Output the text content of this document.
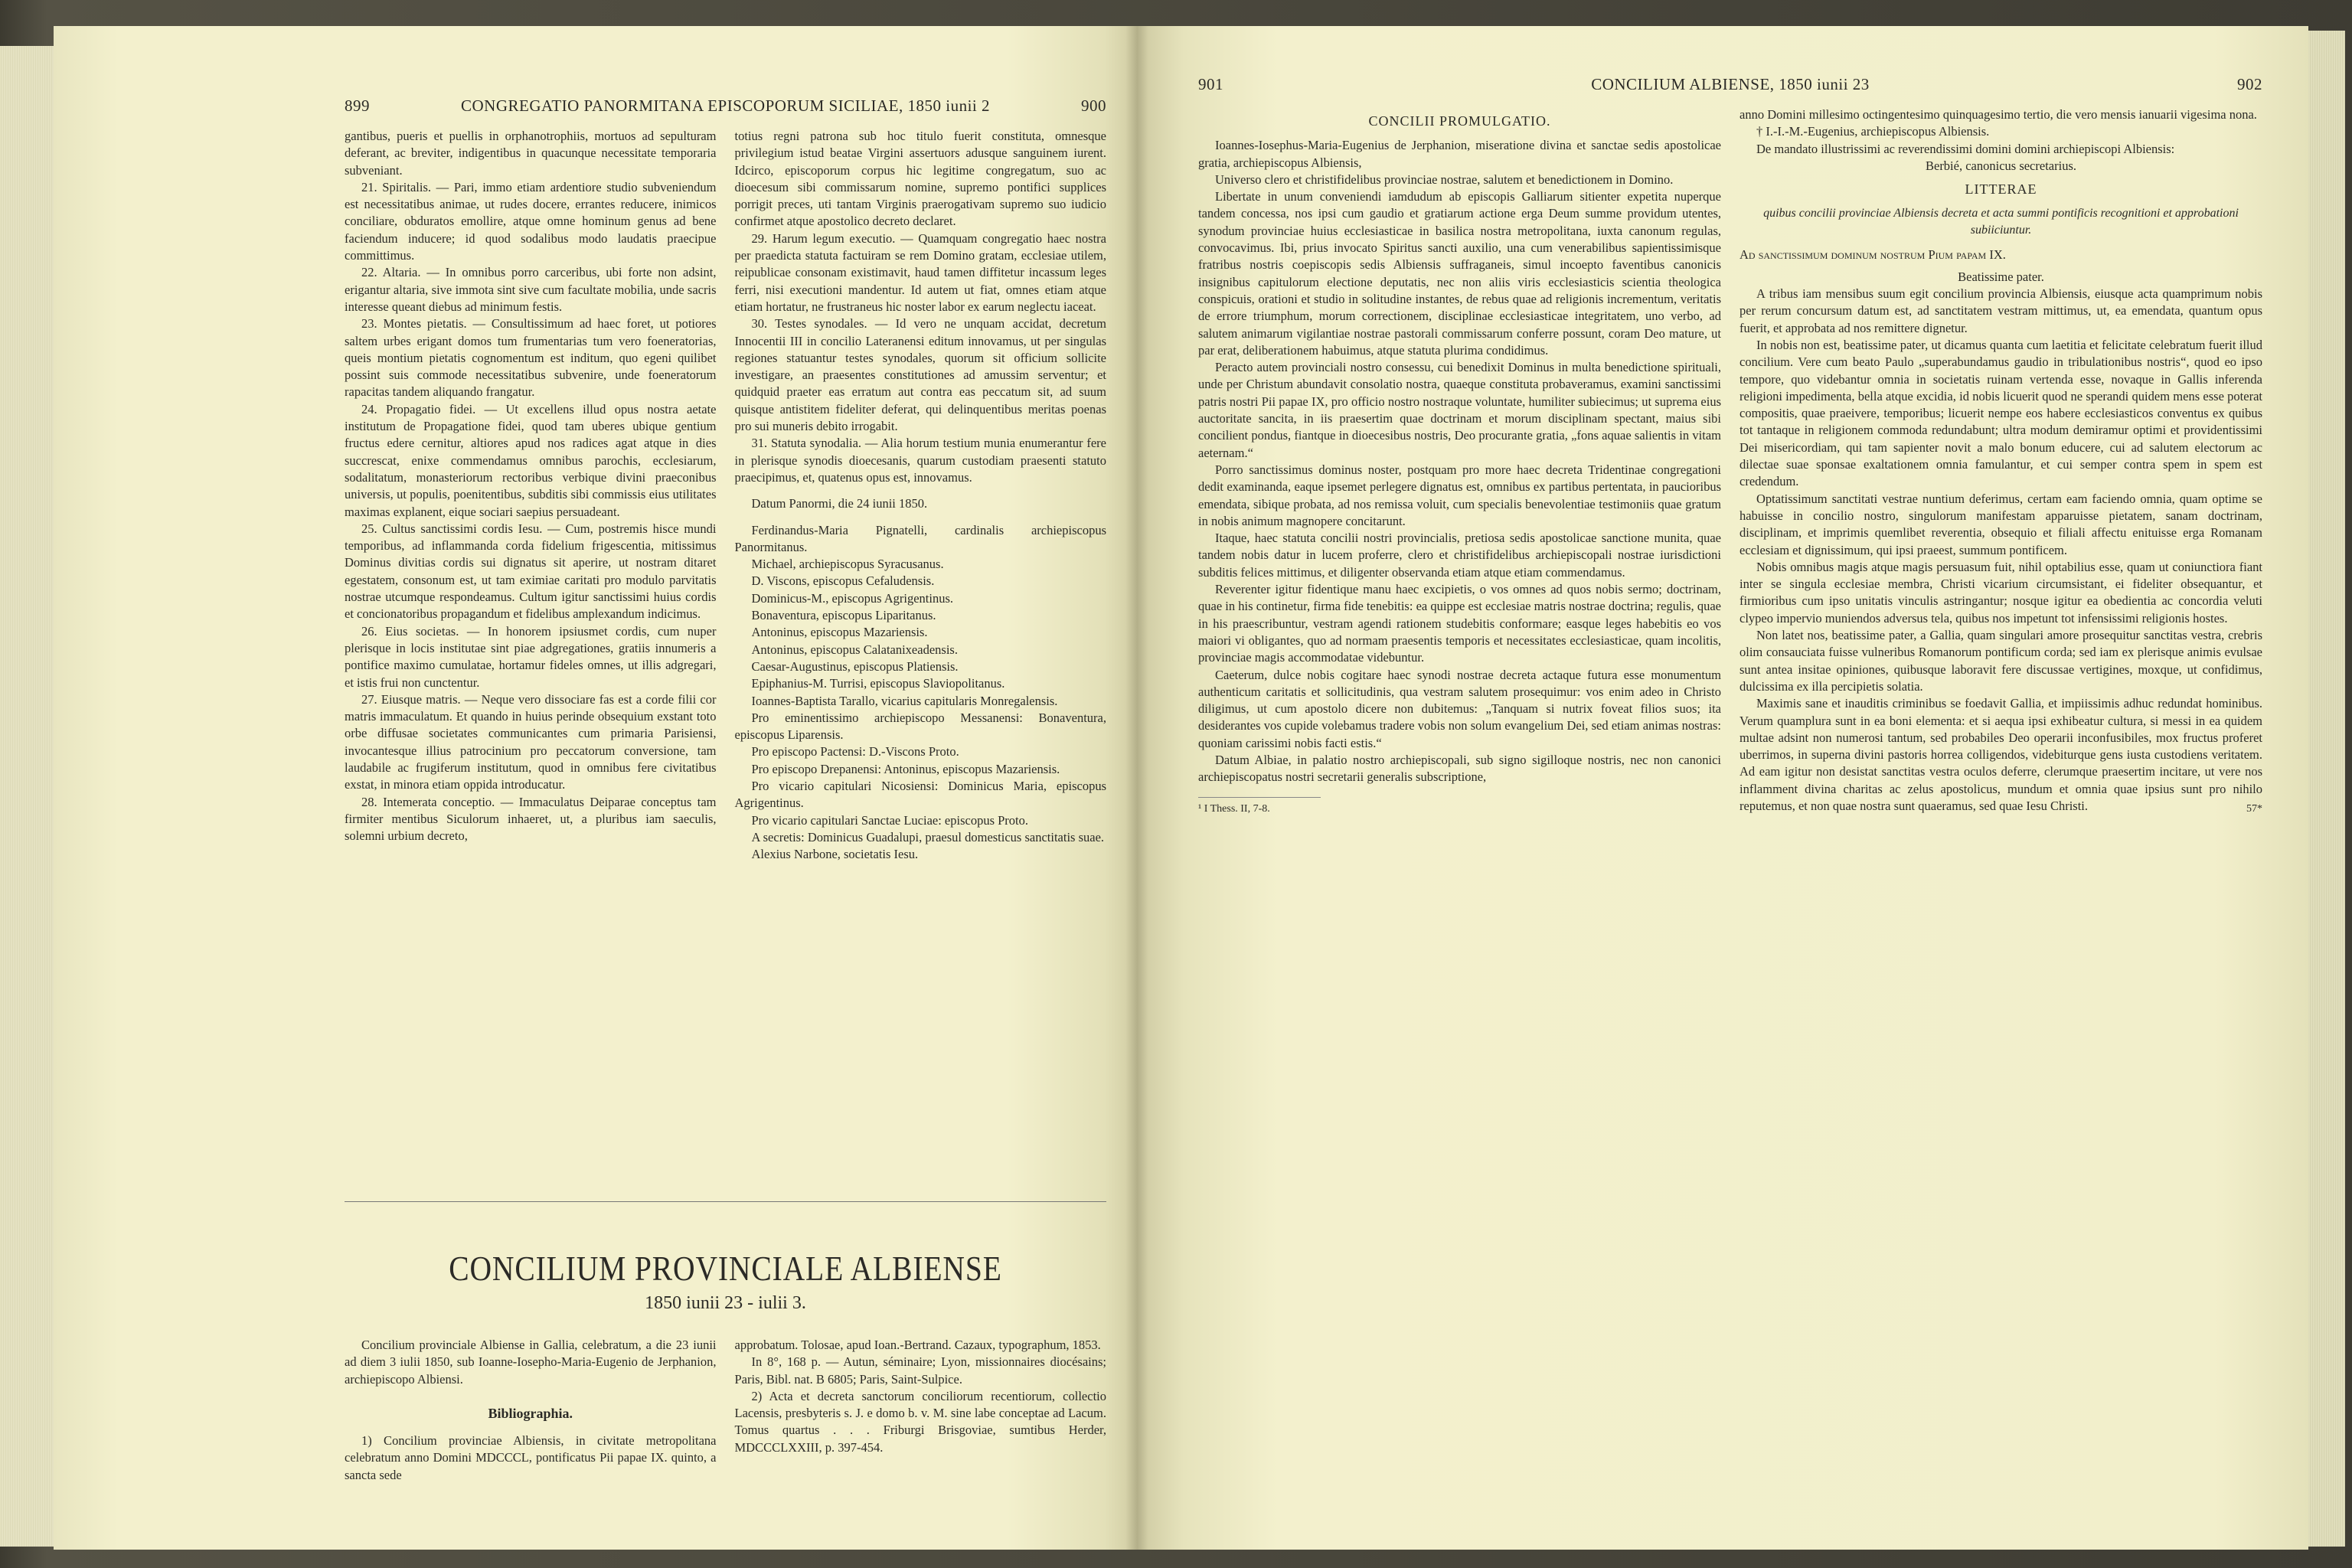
899	CONGREGATIO PANORMITANA EPISCOPORUM SICILIAE, 1850 iunii 2	900

gantibus, pueris et puellis in orphanotrophiis, mortuos ad sepulturam deferant, ac breviter, indigentibus in quacunque necessitate temporaria subveniant.

21. Spiritalis. — Pari, immo etiam ardentiore studio subveniendum est necessitatibus animae, ut rudes docere, errantes reducere, inimicos conciliare, obduratos emollire, atque omne hominum genus ad bene faciendum inducere; id quod sodalibus modo laudatis praecipue committimus.

22. Altaria. — In omnibus porro carceribus, ubi forte non adsint, erigantur altaria, sive immota sint sive cum facultate mobilia, unde sacris interesse queant diebus ad minimum festis.

23. Montes pietatis. — Consultissimum ad haec foret, ut potiores saltem urbes erigant domos tum frumentarias tum vero foeneratorias, queis montium pietatis cognomentum est inditum, quo egeni quilibet possint suis commode necessitatibus subvenire, unde foeneratorum rapacitas tandem aliquando frangatur.

24. Propagatio fidei. — Ut excellens illud opus nostra aetate institutum de Propagatione fidei, quod tam uberes ubique gentium fructus edere cernitur, altiores apud nos radices agat atque in dies succrescat, enixe commendamus omnibus parochis, ecclesiarum, sodalitatum, monasteriorum rectoribus verbique divini praeconibus universis, ut populis, poenitentibus, subditis sibi commissis eius utilitates maximas explanent, eique sociari saepius persuadeant.

25. Cultus sanctissimi cordis Iesu. — Cum, postremis hisce mundi temporibus, ad inflammanda corda fidelium frigescentia, mitissimus Dominus divitias cordis sui dignatus sit aperire, ut nostram ditaret egestatem, consonum est, ut tam eximiae caritati pro modulo parvitatis nostrae utcumque respondeamus. Cultum igitur sanctissimi huius cordis et concionatoribus propagandum et fidelibus amplexandum indicimus.

26. Eius societas. — In honorem ipsiusmet cordis, cum nuper plerisque in locis institutae sint piae adgregationes, gratiis innumeris a pontifice maximo cumulatae, hortamur fideles omnes, ut illis adgregari, et istis frui non cunctentur.

27. Eiusque matris. — Neque vero dissociare fas est a corde filii cor matris immaculatum. Et quando in huius perinde obsequium exstant toto orbe diffusae societates communicantes cum primaria Parisiensi, invocantesque illius patrocinium pro peccatorum conversione, tam laudabile ac frugiferum institutum, quod in omnibus fere civitatibus exstat, in minora etiam oppida introducatur.

28. Intemerata conceptio. — Immaculatus Deiparae conceptus tam firmiter mentibus Siculorum inhaeret, ut, a pluribus iam saeculis, solemni urbium decreto,

totius regni patrona sub hoc titulo fuerit constituta, omnesque privilegium istud beatae Virgini assertuors adusque sanguinem iurent. Idcirco, episcoporum corpus hic legitime congregatum, suo ac dioecesum sibi commissarum nomine, supremo pontifici supplices porrigit preces, uti tantam Virginis praerogativam supremo suo iudicio confirmet atque apostolico decreto declaret.

29. Harum legum executio. — Quamquam congregatio haec nostra per praedicta statuta factuiram se rem Domino gratam, ecclesiae utilem, reipublicae consonam existimavit, haud tamen diffitetur incassum leges ferri, nisi executioni mandentur. Id autem ut fiat, omnes etiam atque etiam hortatur, ne frustraneus hic noster labor ex earum neglectu iaceat.

30. Testes synodales. — Id vero ne unquam accidat, decretum Innocentii III in concilio Lateranensi editum innovamus, ut per singulas regiones statuantur testes synodales, quorum sit officium sollicite investigare, an praesentes constitutiones ad amussim serventur; et quidquid praeter eas erratum aut contra eas peccatum sit, ad suum quisque antistitem fideliter deferat, qui delinquentibus meritas poenas pro sui muneris debito irrogabit.

31. Statuta synodalia. — Alia horum testium munia enumerantur fere in plerisque synodis dioecesanis, quarum custodiam praesenti statuto praecipimus, et, quatenus opus est, innovamus.

Datum Panormi, die 24 iunii 1850.

Ferdinandus-Maria Pignatelli, cardinalis archiepiscopus Panormitanus.

Michael, archiepiscopus Syracusanus.

D. Viscons, episcopus Cefaludensis.

Dominicus-M., episcopus Agrigentinus.

Bonaventura, episcopus Liparitanus.

Antoninus, episcopus Mazariensis.

Antoninus, episcopus Calatanixeadensis.

Caesar-Augustinus, episcopus Platiensis.

Epiphanius-M. Turrisi, episcopus Slaviopolitanus.

Ioannes-Baptista Tarallo, vicarius capitularis Monregalensis.

Pro eminentissimo archiepiscopo Messanensi: Bonaventura, episcopus Liparensis.

Pro episcopo Pactensi: D.-Viscons Proto.

Pro episcopo Drepanensi: Antoninus, episcopus Mazariensis.

Pro vicario capitulari Nicosiensi: Dominicus Maria, episcopus Agrigentinus.

Pro vicario capitulari Sanctae Luciae: episcopus Proto.

A secretis: Dominicus Guadalupi, praesul domesticus sanctitatis suae.

Alexius Narbone, societatis Iesu.

CONCILIUM PROVINCIALE ALBIENSE
1850 iunii 23 - iulii 3.

Concilium provinciale Albiense in Gallia, celebratum, a die 23 iunii ad diem 3 iulii 1850, sub Ioanne-Iosepho-Maria-Eugenio de Jerphanion, archiepiscopo Albiensi.

Bibliographia.

1) Concilium provinciae Albiensis, in civitate metropolitana celebratum anno Domini MDCCCL, pontificatus Pii papae IX. quinto, a sancta sede

approbatum. Tolosae, apud Ioan.-Bertrand. Cazaux, typographum, 1853.

In 8°, 168 p. — Autun, séminaire; Lyon, missionnaires diocésains; Paris, Bibl. nat. B 6805; Paris, Saint-Sulpice.

2) Acta et decreta sanctorum conciliorum recentiorum, collectio Lacensis, presbyteris s. J. e domo b. v. M. sine labe conceptae ad Lacum. Tomus quartus . . . Friburgi Brisgoviae, sumtibus Herder, MDCCCLXXIII, p. 397-454.

901	CONCILIUM ALBIENSE, 1850 iunii 23	902
CONCILII PROMULGATIO.

Ioannes-Iosephus-Maria-Eugenius de Jerphanion, miseratione divina et sanctae sedis apostolicae gratia, archiepiscopus Albiensis,

Universo clero et christifidelibus provinciae nostrae, salutem et benedictionem in Domino.

Libertate in unum conveniendi iamdudum ab episcopis Galliarum sitienter expetita nuperque tandem concessa, nos ipsi cum gaudio et gratiarum actione erga Deum summe providum utentes, synodum provinciae huius ecclesiasticae in basilica nostra metropolitana, iuxta canonum regulas, convocavimus. Ibi, prius invocato Spiritus sancti auxilio, una cum venerabilibus sapientissimisque fratribus nostris coepiscopis sedis Albiensis suffraganeis, simul incoepto faventibus canonicis insignibus capitulorum electione deputatis, nec non aliis viris ecclesiasticis scientia theologica conspicuis, orationi et studio in solitudine instantes, de rebus quae ad religionis incrementum, veritatis de errore triumphum, morum correctionem, disciplinae ecclesiasticae integritatem, uno verbo, ad salutem animarum vigilantiae nostrae pastorali commissarum conferre possunt, coram Deo mature, ut par erat, deliberationem habuimus, atque statuta plurima condidimus.

Peracto autem provinciali nostro consessu, cui benedixit Dominus in multa benedictione spirituali, unde per Christum abundavit consolatio nostra, quaeque constituta probaveramus, examini sanctissimi patris nostri Pii papae IX, pro officio nostro nostraque voluntate, humiliter subiecimus; ut supremа eius auctoritate sancita, in iis praesertim quae doctrinam et morum disciplinam spectant, maius sibi concilient pondus, fiantque in dioecesibus nostris, Deo procurante gratia, „fons aquae salientis in vitam aeternam.“

Porro sanctissimus dominus noster, postquam pro more haec decreta Tridentinae congregationi dedit examinanda, eaque ipsemet perlegere dignatus est, omnibus ex partibus pertentata, in paucioribus emendata, sibique probata, ad nos remissa voluit, cum specialis benevolentiae testimoniis quae gratum in nobis animum magnopere concitarunt.

Itaque, haec statuta concilii nostri provincialis, pretiosa sedis apostolicae sanctione munita, quae tandem nobis datur in lucem proferre, clero et christifidelibus archiepiscopali nostrae iurisdictioni subditis felices mittimus, et diligenter observanda etiam atque etiam commendamus.

Reverenter igitur fidentique manu haec excipietis, o vos omnes ad quos nobis sermo; doctrinam, quae in his continetur, firma fide tenebitis: ea quippe est ecclesiae matris nostrae doctrina; regulis, quae in his praescribuntur, vestram agendi rationem studebitis conformare; easque leges habebitis eo vos maiori vi obligantes, quo ad normam praesentis temporis et necessitates ecclesiasticae, quam incolitis, provinciae magis accommodatae videbuntur.

Caeterum, dulce nobis cogitare haec synodi nostrae decreta actaque futura esse monumentum authenticum caritatis et sollicitudinis, qua vestram salutem prosequimur: vos enim adeo in Christo diligimus, ut cum apostolo dicere non dubitemus: „Tanquam si nutrix foveat filios suos; ita desiderantes vos cupide volebamus tradere vobis non solum evangelium Dei, sed etiam animas nostras: quoniam carissimi nobis facti estis.“

Datum Albiae, in palatio nostro archiepiscopali, sub signo sigilloque nostris, nec non canonici archiepiscopatus nostri secretarii generalis subscriptione,

¹ I Thess. II, 7-8.

anno Domini millesimo octingentesimo quinquagesimo tertio, die vero mensis ianuarii vigesima nona.

† I.-I.-M.-Eugenius, archiepiscopus Albiensis.

De mandato illustrissimi ac reverendissimi domini domini archiepiscopi Albiensis:

Berbié, canonicus secretarius.

LITTERAE
quibus concilii provinciae Albiensis decreta et acta summi pontificis recognitioni et approbationi subiiciuntur.

Ad sanctissimum dominum nostrum Pium papam IX.

Beatissime pater.

A tribus iam mensibus suum egit concilium provincia Albiensis, eiusque acta quamprimum nobis per rerum concursum datum est, ad sanctitatem vestram mittimus, ut, ea emendata, quantum opus fuerit, et approbata ad nos remittere dignetur.

In nobis non est, beatissime pater, ut dicamus quanta cum laetitia et felicitate celebratum fuerit illud concilium. Vere cum beato Paulo „superabundamus gaudio in tribulationibus nostris“, quod eo ipso tempore, quo videbantur omnia in societatis ruinam vertenda esse, novaque in Gallis inferenda religioni impedimenta, bella atque excidia, id nobis licuerit quod ne sperandi quidem mens esse poterat compositis, quae praeivere, temporibus; licuerit nempe eos habere ecclesiasticos conventus ex quibus tot tantaque in religionem commoda redundabunt; ultra modum demiramur optimi et providentissimi Dei misericordiam, qui tam sapienter novit a malo bonum educere, cui ad salutem electorum ac dilectae suae sponsae exaltationem omnia famulantur, et cui semper contra spem in spem est credendum.

Optatissimum sanctitati vestrae nuntium deferimus, certam eam faciendo omnia, quam optime se habuisse in concilio nostro, singulorum manifestam apparuisse pietatem, sanam doctrinam, disciplinam, et imprimis quemlibet reverentia, obsequio et filiali affectu enituisse erga Romanam ecclesiam et dignissimum, qui ipsi praeest, summum pontificem.

Nobis omnibus magis atque magis persuasum fuit, nihil optabilius esse, quam ut coniunctiora fiant inter se singula ecclesiae membra, Christi vicarium circumsistant, ei fideliter obsequantur, et firmioribus cum ipso unitatis vinculis astringantur; nosque igitur ea obedientia ac concordia veluti clypeo impervio muniendos adversus tela, quibus nos impetunt tot infensissimi religionis hostes.

Non latet nos, beatissime pater, a Gallia, quam singulari amore prosequitur sanctitas vestra, crebris olim consauciata fuisse vulneribus Romanorum pontificum corda; sed iam ex plerisque animis evulsae sunt antea insitae opiniones, quibusque laboravit fere discussae vertigines, moxque, ut confidimus, dulcissima ex illa percipietis solatia.

Maximis sane et inauditis criminibus se foedavit Gallia, et impiissimis adhuc redundat hominibus. Verum quamplura sunt in ea boni elementa: et si aequa ipsi exhibeatur cultura, si messi in ea quidem multae adsint non numerosi tantum, sed probabiles Deo operarii inconfusibiles, mox fructus proferet uberrimos, in superna divini pastoris horrea colligendos, videbiturque gens iusta custodiens veritatem. Ad eam igitur non desistat sanctitas vestra oculos deferre, clerumque praesertim incitare, ut vere nos inflamment divina charitas ac zelus apostolicus, mundum et omnia quae ipsius sunt pro nihilo reputemus, et non quae nostra sunt quaeramus, sed quae Iesu Christi.	57*
